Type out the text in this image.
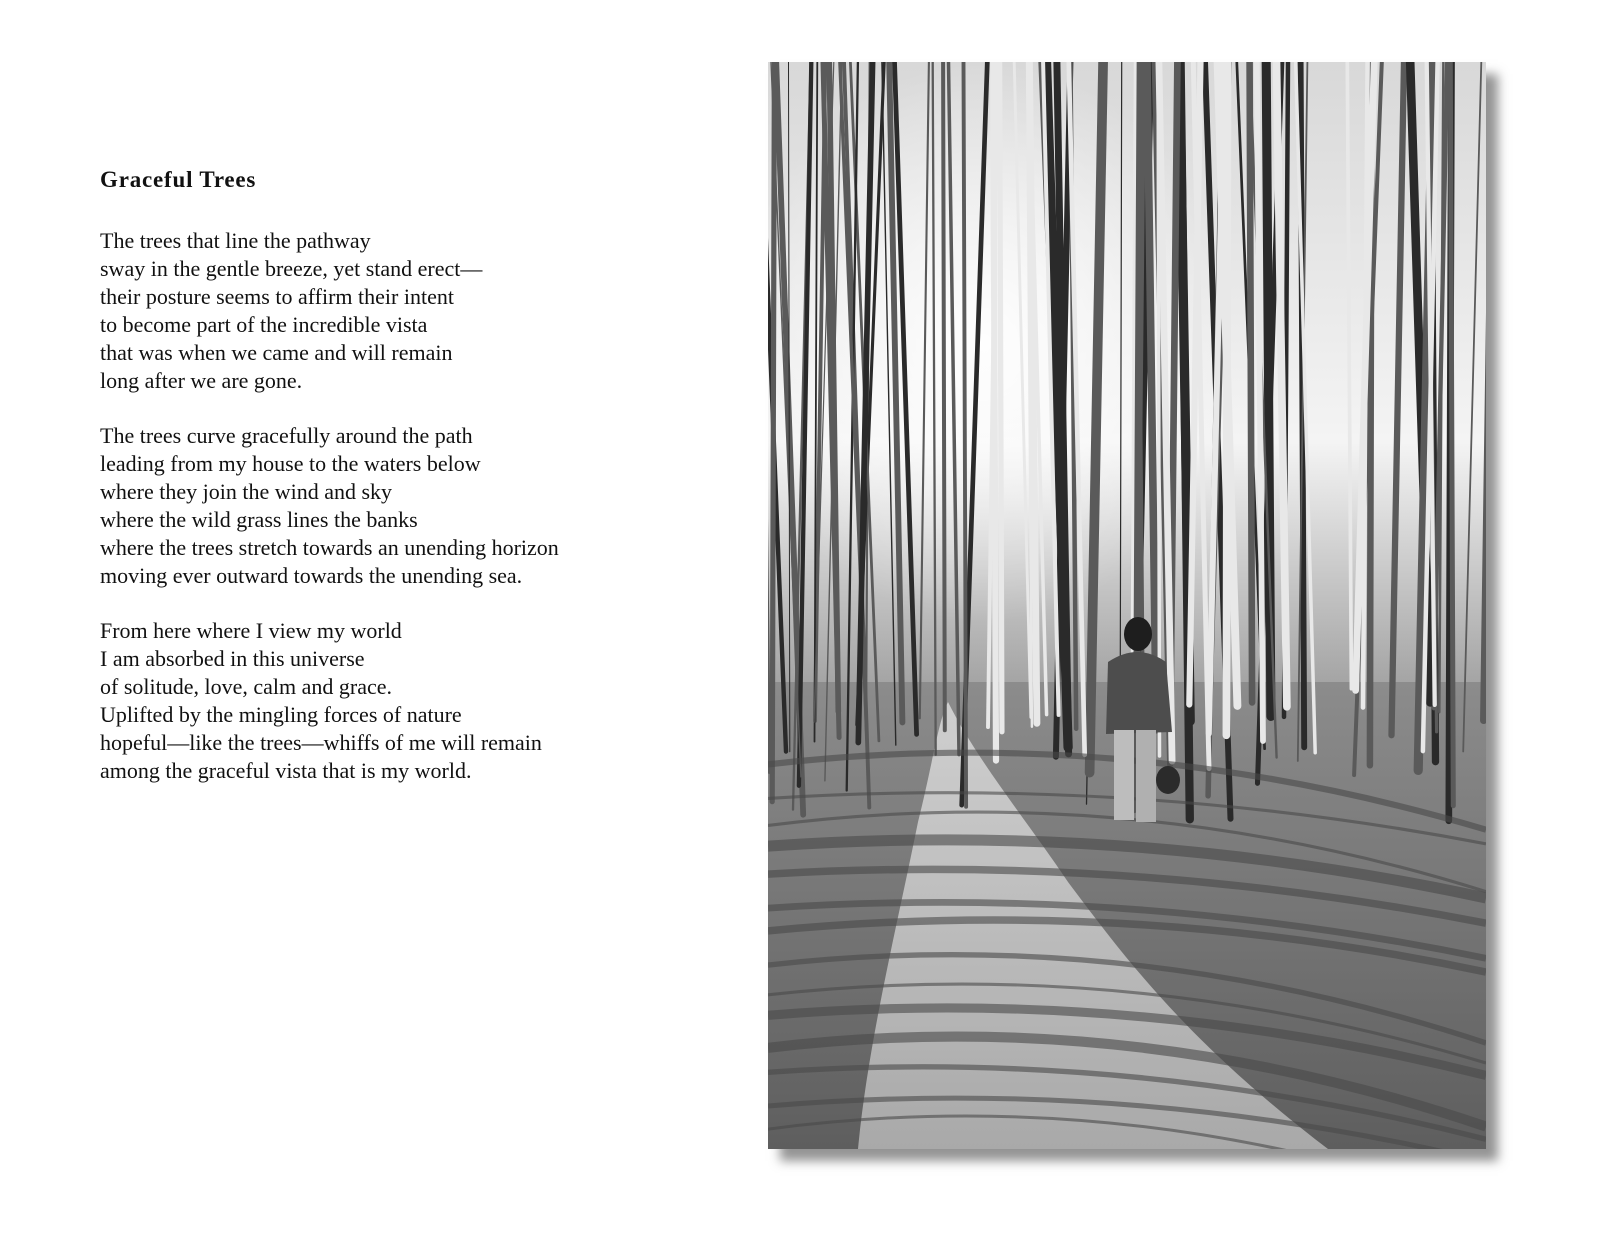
Graceful Trees
The trees that line the pathway
sway in the gentle breeze, yet stand erect—
their posture seems to affirm their intent
to become part of the incredible vista
that was when we came and will remain
long after we are gone.
The trees curve gracefully around the path
leading from my house to the waters below
where they join the wind and sky
where the wild grass lines the banks
where the trees stretch towards an unending horizon
moving ever outward towards the unending sea.
From here where I view my world
I am absorbed in this universe
of solitude, love, calm and grace.
Uplifted by the mingling forces of nature
hopeful—like the trees—whiffs of me will remain
among the graceful vista that is my world.
